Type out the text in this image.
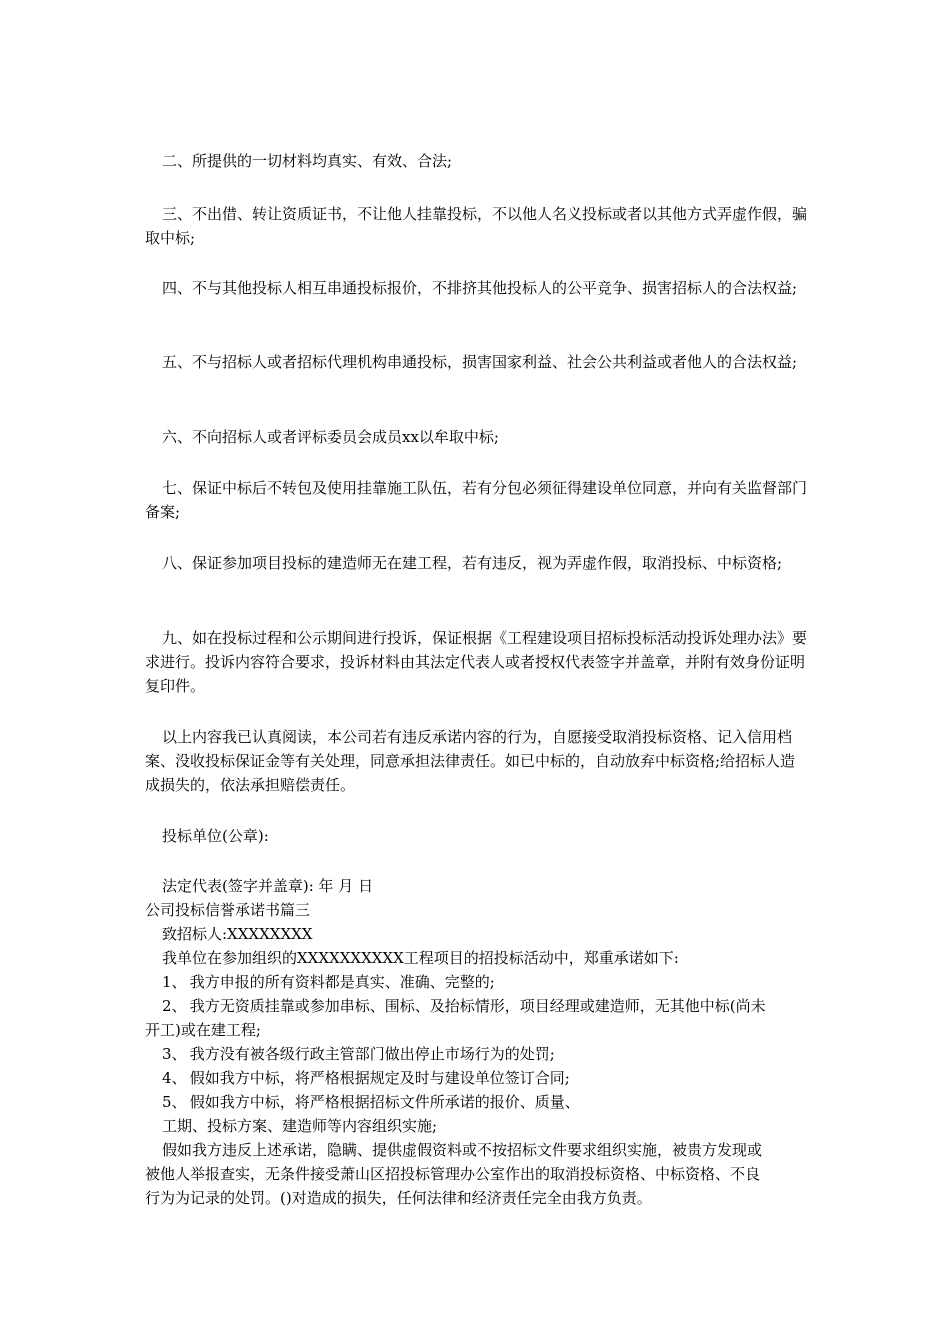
二、所提供的一切材料均真实、有效、合法;

三、不出借、转让资质证书，不让他人挂靠投标，不以他人名义投标或者以其他方式弄虚作假，骗取中标;

四、不与其他投标人相互串通投标报价，不排挤其他投标人的公平竞争、损害招标人的合法权益;

五、不与招标人或者招标代理机构串通投标，损害国家利益、社会公共利益或者他人的合法权益;

六、不向招标人或者评标委员会成员xx以牟取中标;

七、保证中标后不转包及使用挂靠施工队伍，若有分包必须征得建设单位同意，并向有关监督部门备案;

八、保证参加项目投标的建造师无在建工程，若有违反，视为弄虚作假，取消投标、中标资格;

九、如在投标过程和公示期间进行投诉，保证根据《工程建设项目招标投标活动投诉处理办法》要求进行。投诉内容符合要求，投诉材料由其法定代表人或者授权代表签字并盖章，并附有效身份证明复印件。

以上内容我已认真阅读，本公司若有违反承诺内容的行为，自愿接受取消投标资格、记入信用档案、没收投标保证金等有关处理，同意承担法律责任。如已中标的，自动放弃中标资格;给招标人造成损失的，依法承担赔偿责任。

投标单位(公章):

法定代表(签字并盖章): 年 月 日

公司投标信誉承诺书篇三
致招标人:XXXXXXXX
我单位在参加组织的XXXXXXXXXX工程项目的招投标活动中，郑重承诺如下:
1、 我方申报的所有资料都是真实、准确、完整的;
2、 我方无资质挂靠或参加串标、围标、及抬标情形，项目经理或建造师，无其他中标(尚未
开工)或在建工程;
3、 我方没有被各级行政主管部门做出停止市场行为的处罚;
4、 假如我方中标，将严格根据规定及时与建设单位签订合同;
5、 假如我方中标，将严格根据招标文件所承诺的报价、质量、
工期、投标方案、建造师等内容组织实施;
假如我方违反上述承诺，隐瞒、提供虚假资料或不按招标文件要求组织实施，被贵方发现或
被他人举报查实，无条件接受萧山区招投标管理办公室作出的取消投标资格、中标资格、不良
行为为记录的处罚。()对造成的损失，任何法律和经济责任完全由我方负责。
